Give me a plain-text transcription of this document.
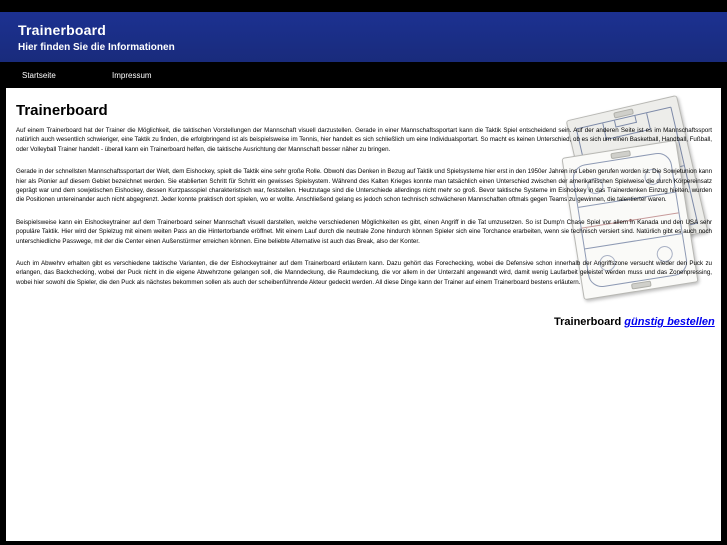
Trainerboard
Hier finden Sie die Informationen
Startseite	Impressum
Trainerboard
Trainerboard günstig bestellen

Auf einem Trainerboard hat der Trainer die Möglichkeit, die taktischen Vorstellungen der Mannschaft visuell darzustellen. Gerade in einer Mannschaftssportart kann die Taktik Spiel entscheidend sein. Auf der anderen Seite ist es im Mannschaftssport natürlich auch wesentlich schwieriger, eine Taktik zu finden, die erfolgbringend ist als beispielsweise im Tennis, hier handelt es sich schließlich um eine Individualsportart. So macht es keinen Unterschied, ob es sich um einen Basketball, Handball, Fußball, oder Volleyball Trainer handelt - überall kann ein Trainerboard helfen, die taktische Ausrichtung der Mannschaft besser näher zu bringen.

Gerade in der schnellsten Mannschaftssportart der Welt, dem Eishockey, spielt die Taktik eine sehr große Rolle. Obwohl das Denken in Bezug auf Taktik und Spielsysteme hier erst in den 1950er Jahren ins Leben gerufen worden ist. Die Sowjetunion kann hier als Pionier auf diesem Gebiet bezeichnet werden. Sie etablierten Schritt für Schritt ein gewisses Spielsystem. Während des Kalten Krieges konnte man tatsächlich einen Unterschied zwischen der amerikanischen Spielweise die durch Körpereinsatz geprägt war und dem sowjetischen Eishockey, dessen Kurzpassspiel charakteristisch war, feststellen. Heutzutage sind die Unterschiede allerdings nicht mehr so groß. Bevor taktische Systeme im Eishockey in das Trainerdenken Einzug hielten, wurden die Positionen untereinander auch nicht abgegrenzt. Jeder konnte praktisch dort spielen, wo er wollte. Anschließend gelang es jedoch schon technisch schwächeren Mannschaften oftmals gegen Teams zu gewinnen, die talentierter waren.

Beispielsweise kann ein Eishockeytrainer auf dem Trainerboard seiner Mannschaft visuell darstellen, welche verschiedenen Möglichkeiten es gibt, einen Angriff in die Tat umzusetzen. So ist Dump'n Chase Spiel vor allem in Kanada und den USA sehr populäre Taktik. Hier wird der Spielzug mit einem weiten Pass an die Hintertorbande eröffnet. Mit einem Lauf durch die neutrale Zone hindurch können Spieler sich eine Torchance erarbeiten, wenn sie technisch versiert sind. Natürlich gibt es auch noch unterschiedliche Passwege, mit der die Center einen Außenstürmer erreichen können. Eine beliebte Alternative ist auch das Break, also der Konter.

Auch im Abwehrv erhalten gibt es verschiedene taktische Varianten, die der Eishockeytrainer auf dem Trainerboard erläutern kann. Dazu gehört das Forechecking, wobei die Defensive schon innerhalb der Angriffszone versucht wieder den Puck zu erlangen, das Backchecking, wobei der Puck nicht in die eigene Abwehrzone gelangen soll, die Manndeckung, die Raumdeckung, die vor allem in der Unterzahl angewandt wird, damit wenig Laufarbeit geleistet werden muss und das Zonenpressing, wobei hier sowohl die Spieler, die den Puck als nächstes bekommen sollen als auch der scheibenführende Akteur gedeckt werden. All diese Dinge kann der Trainer auf einem Trainerboard bestens erläutern.
